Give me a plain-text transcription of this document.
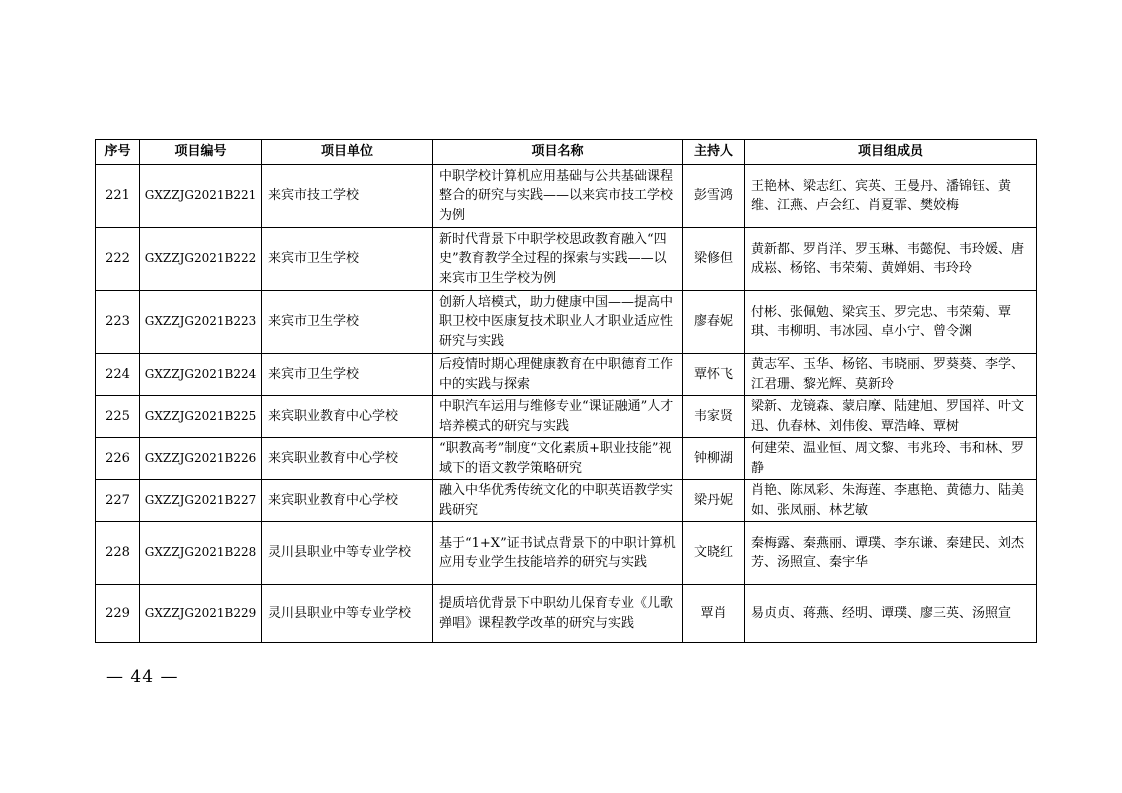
序号	项目编号	项目单位	项目名称	主持人	项目组成员
221	GXZZJG2021B221	来宾市技工学校	中职学校计算机应用基础与公共基础课程整合的研究与实践——以来宾市技工学校为例	彭雪鸿	王艳林、梁志红、宾英、王曼丹、潘锦钰、黄维、江燕、卢会红、肖夏霏、樊姣梅
222	GXZZJG2021B222	来宾市卫生学校	新时代背景下中职学校思政教育融入“四史”教育教学全过程的探索与实践——以来宾市卫生学校为例	梁修但	黄新都、罗肖洋、罗玉琳、韦懿倪、韦玲媛、唐成崧、杨铭、韦荣菊、黄婵娟、韦玲玲
223	GXZZJG2021B223	来宾市卫生学校	创新人培模式，助力健康中国——提高中职卫校中医康复技术职业人才职业适应性研究与实践	廖春妮	付彬、张佩勉、梁宾玉、罗完忠、韦荣菊、覃琪、韦柳明、韦冰园、卓小宁、曾令渊
224	GXZZJG2021B224	来宾市卫生学校	后疫情时期心理健康教育在中职德育工作中的实践与探索	覃怀飞	黄志军、玉华、杨铭、韦晓丽、罗葵葵、李学、江君珊、黎光辉、莫新玲
225	GXZZJG2021B225	来宾职业教育中心学校	中职汽车运用与维修专业“课证融通”人才培养模式的研究与实践	韦家贤	梁新、龙镜森、蒙启摩、陆建旭、罗国祥、叶文迅、仇春林、刘伟俊、覃浩峰、覃树
226	GXZZJG2021B226	来宾职业教育中心学校	“职教高考”制度“文化素质+职业技能”视域下的语文教学策略研究	钟柳湖	何建荣、温业恒、周文黎、韦兆玲、韦和林、罗静
227	GXZZJG2021B227	来宾职业教育中心学校	融入中华优秀传统文化的中职英语教学实践研究	梁丹妮	肖艳、陈凤彩、朱海莲、李惠艳、黄德力、陆美如、张凤丽、林艺敏
228	GXZZJG2021B228	灵川县职业中等专业学校	基于“1+X”证书试点背景下的中职计算机应用专业学生技能培养的研究与实践	文晓红	秦梅露、秦燕丽、谭璞、李东谦、秦建民、刘杰芳、汤照宣、秦宇华
229	GXZZJG2021B229	灵川县职业中等专业学校	提质培优背景下中职幼儿保育专业《儿歌弹唱》课程教学改革的研究与实践	覃肖	易贞贞、蒋燕、经明、谭璞、廖三英、汤照宣
— 44 —
